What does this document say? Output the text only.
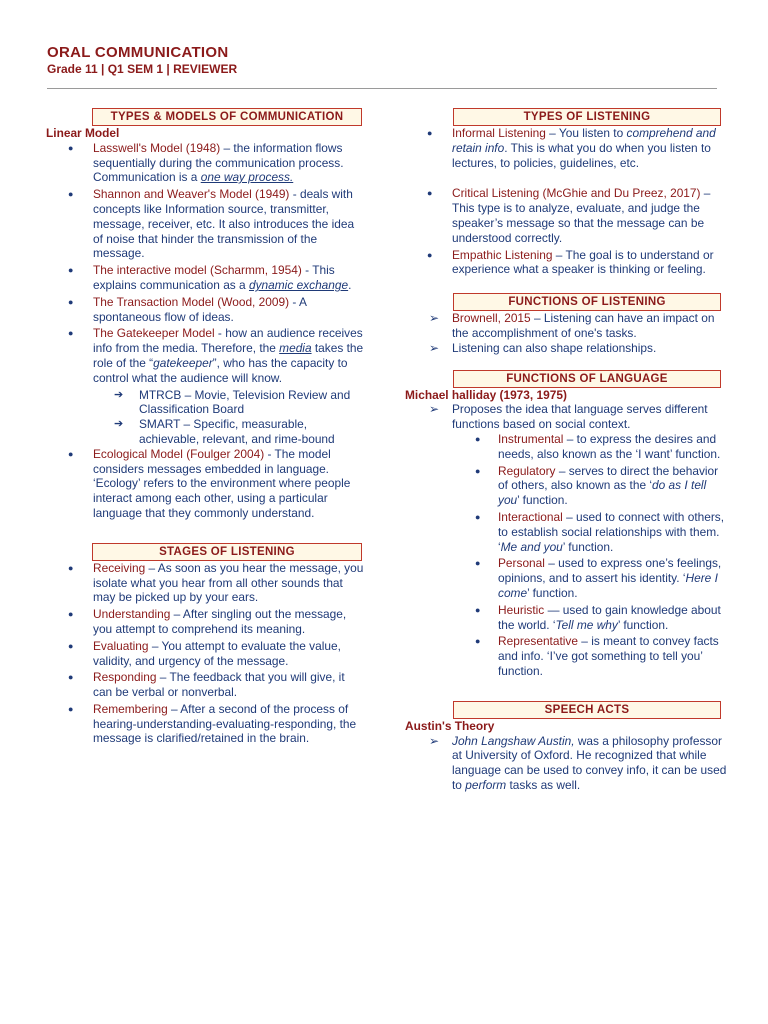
ORAL COMMUNICATION
Grade 11 | Q1 SEM 1 | REVIEWER
TYPES & MODELS OF COMMUNICATION
Linear Model
● Lasswell's Model (1948) – the information flows sequentially during the communication process. Communication is a one way process.
● Shannon and Weaver's Model (1949) - deals with concepts like Information source, transmitter, message, receiver, etc. It also introduces the idea of noise that hinder the transmission of the message.
● The interactive model (Scharmm, 1954) - This explains communication as a dynamic exchange.
● The Transaction Model (Wood, 2009) - A spontaneous flow of ideas.
● The Gatekeeper Model - how an audience receives info from the media. Therefore, the media takes the role of the “gatekeeper”, who has the capacity to control what the audience will know.
➔ MTRCB – Movie, Television Review and Classification Board
➔ SMART – Specific, measurable, achievable, relevant, and rime-bound
● Ecological Model (Foulger 2004) - The model considers messages embedded in language. ‘Ecology’ refers to the environment where people interact among each other, using a particular language that they commonly understand.
STAGES OF LISTENING
● Receiving – As soon as you hear the message, you isolate what you hear from all other sounds that may be picked up by your ears.
● Understanding – After singling out the message, you attempt to comprehend its meaning.
● Evaluating – You attempt to evaluate the value, validity, and urgency of the message.
● Responding – The feedback that you will give, it can be verbal or nonverbal.
● Remembering – After a second of the process of hearing-understanding-evaluating-responding, the message is clarified/retained in the brain.
TYPES OF LISTENING
● Informal Listening – You listen to comprehend and retain info. This is what you do when you listen to lectures, to policies, guidelines, etc.
● Critical Listening (McGhie and Du Preez, 2017) – This type is to analyze, evaluate, and judge the speaker’s message so that the message can be understood correctly.
● Empathic Listening – The goal is to understand or experience what a speaker is thinking or feeling.
FUNCTIONS OF LISTENING
➢ Brownell, 2015 – Listening can have an impact on the accomplishment of one's tasks.
➢ Listening can also shape relationships.
FUNCTIONS OF LANGUAGE
Michael halliday (1973, 1975)
➢ Proposes the idea that language serves different functions based on social context.
● Instrumental – to express the desires and needs, also known as the ‘I want’ function.
● Regulatory – serves to direct the behavior of others, also known as the ‘do as I tell you’ function.
● Interactional – used to connect with others, to establish social relationships with them. ‘Me and you’ function.
● Personal – used to express one’s feelings, opinions, and to assert his identity. ‘Here I come’ function.
● Heuristic — used to gain knowledge about the world. ‘Tell me why’ function.
● Representative – is meant to convey facts and info. ‘I’ve got something to tell you’ function.
SPEECH ACTS
Austin's Theory
➢ John Langshaw Austin, was a philosophy professor at University of Oxford. He recognized that while language can be used to convey info, it can be used to perform tasks as well.
